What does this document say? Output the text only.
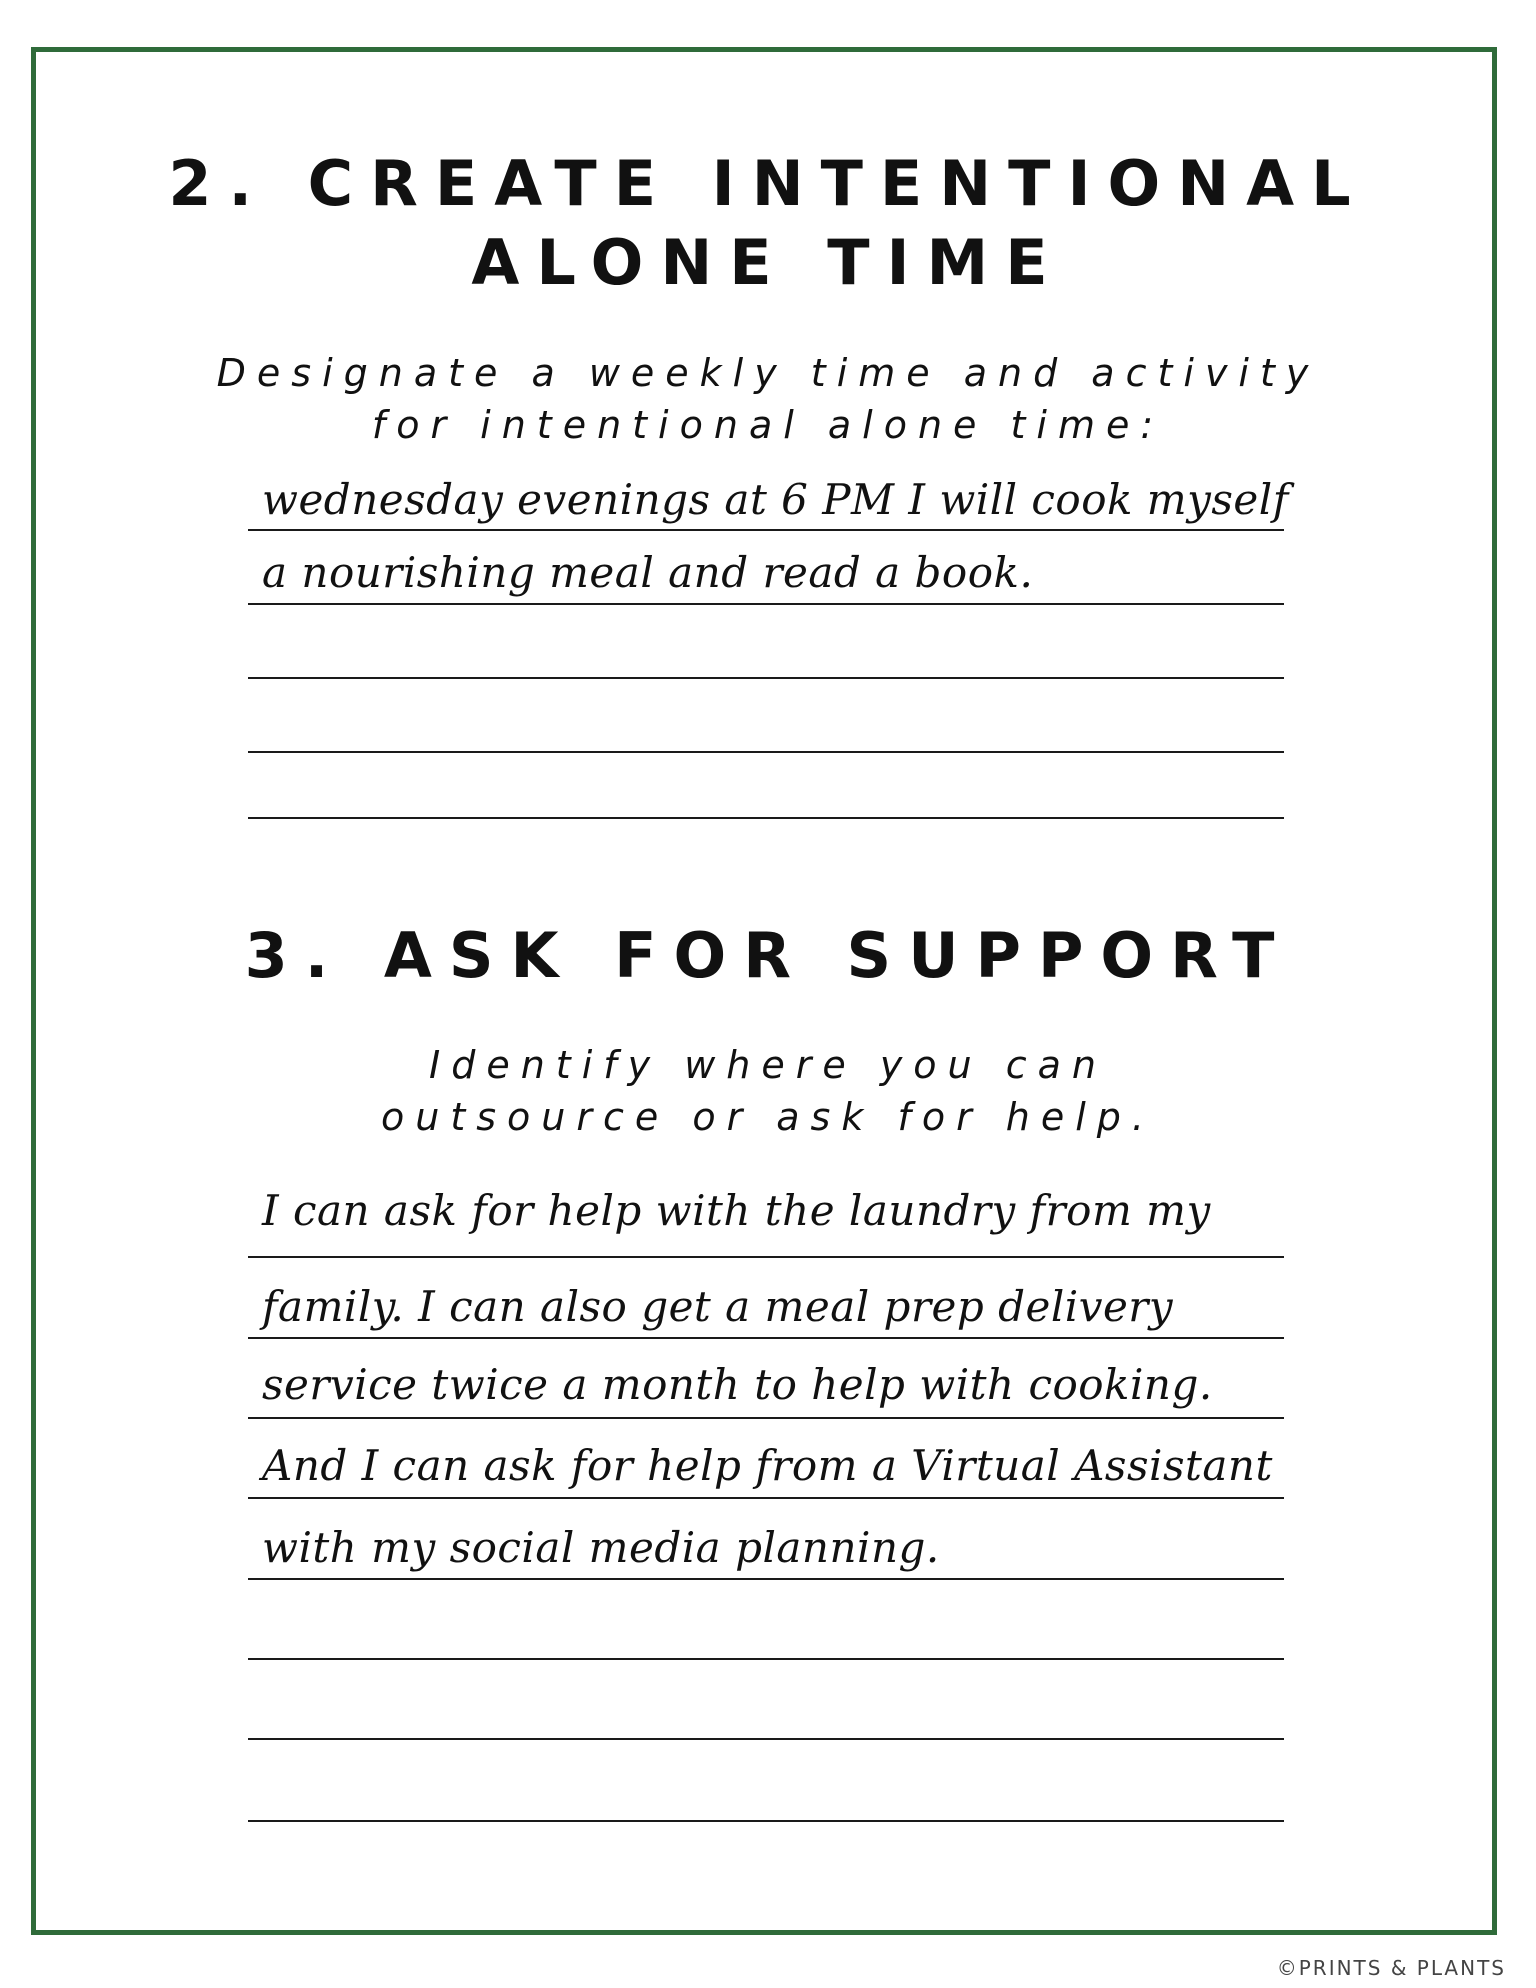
2. CREATE INTENTIONAL
ALONE TIME

Designate a weekly time and activity

for intentional alone time:

wednesday evenings at 6 PM I will cook myself
a nourishing meal and read a book.
3. ASK FOR SUPPORT

Identify where you can

outsource or ask for help.

I can ask for help with the laundry from my
family. I can also get a meal prep delivery
service twice a month to help with cooking.
And I can ask for help from a Virtual Assistant
with my social media planning.
©PRINTS & PLANTS
